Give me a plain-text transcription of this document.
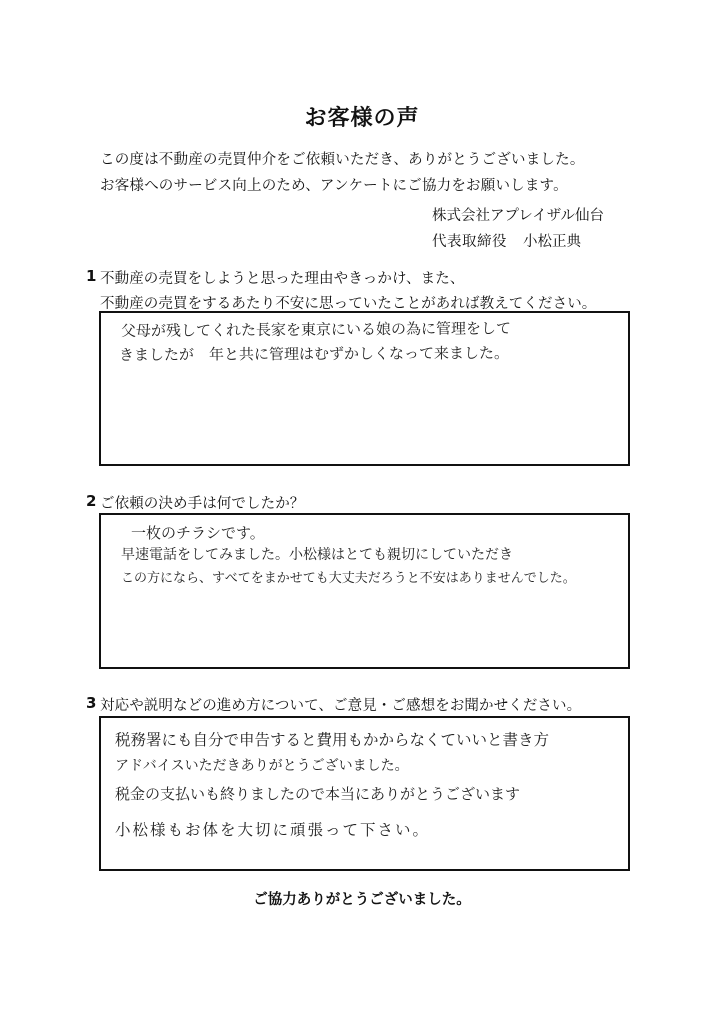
お客様の声
この度は不動産の売買仲介をご依頼いただき、ありがとうございました。
お客様へのサービス向上のため、アンケートにご協力をお願いします。
株式会社アプレイザル仙台
代表取締役 小松正典
1 不動産の売買をしようと思った理由やきっかけ、また、
不動産の売買をするあたり不安に思っていたことがあれば教えてください。
父母が残してくれた長家を東京にいる娘の為に管理をして
きましたが　年と共に管理はむずかしくなって来ました。
2 ご依頼の決め手は何でしたか？
一枚のチラシです。
早速電話をしてみました。小松様はとても親切にしていただき
この方になら、すべてをまかせても大丈夫だろうと不安はありませんでした。
3 対応や説明などの進め方について、ご意見・ご感想をお聞かせください。
税務署にも自分で申告すると費用もかからなくていいと書き方
アドバイスいただきありがとうございました。
税金の支払いも終りましたので本当にありがとうございます
小松様もお体を大切に頑張って下さい。
ご協力ありがとうございました。
